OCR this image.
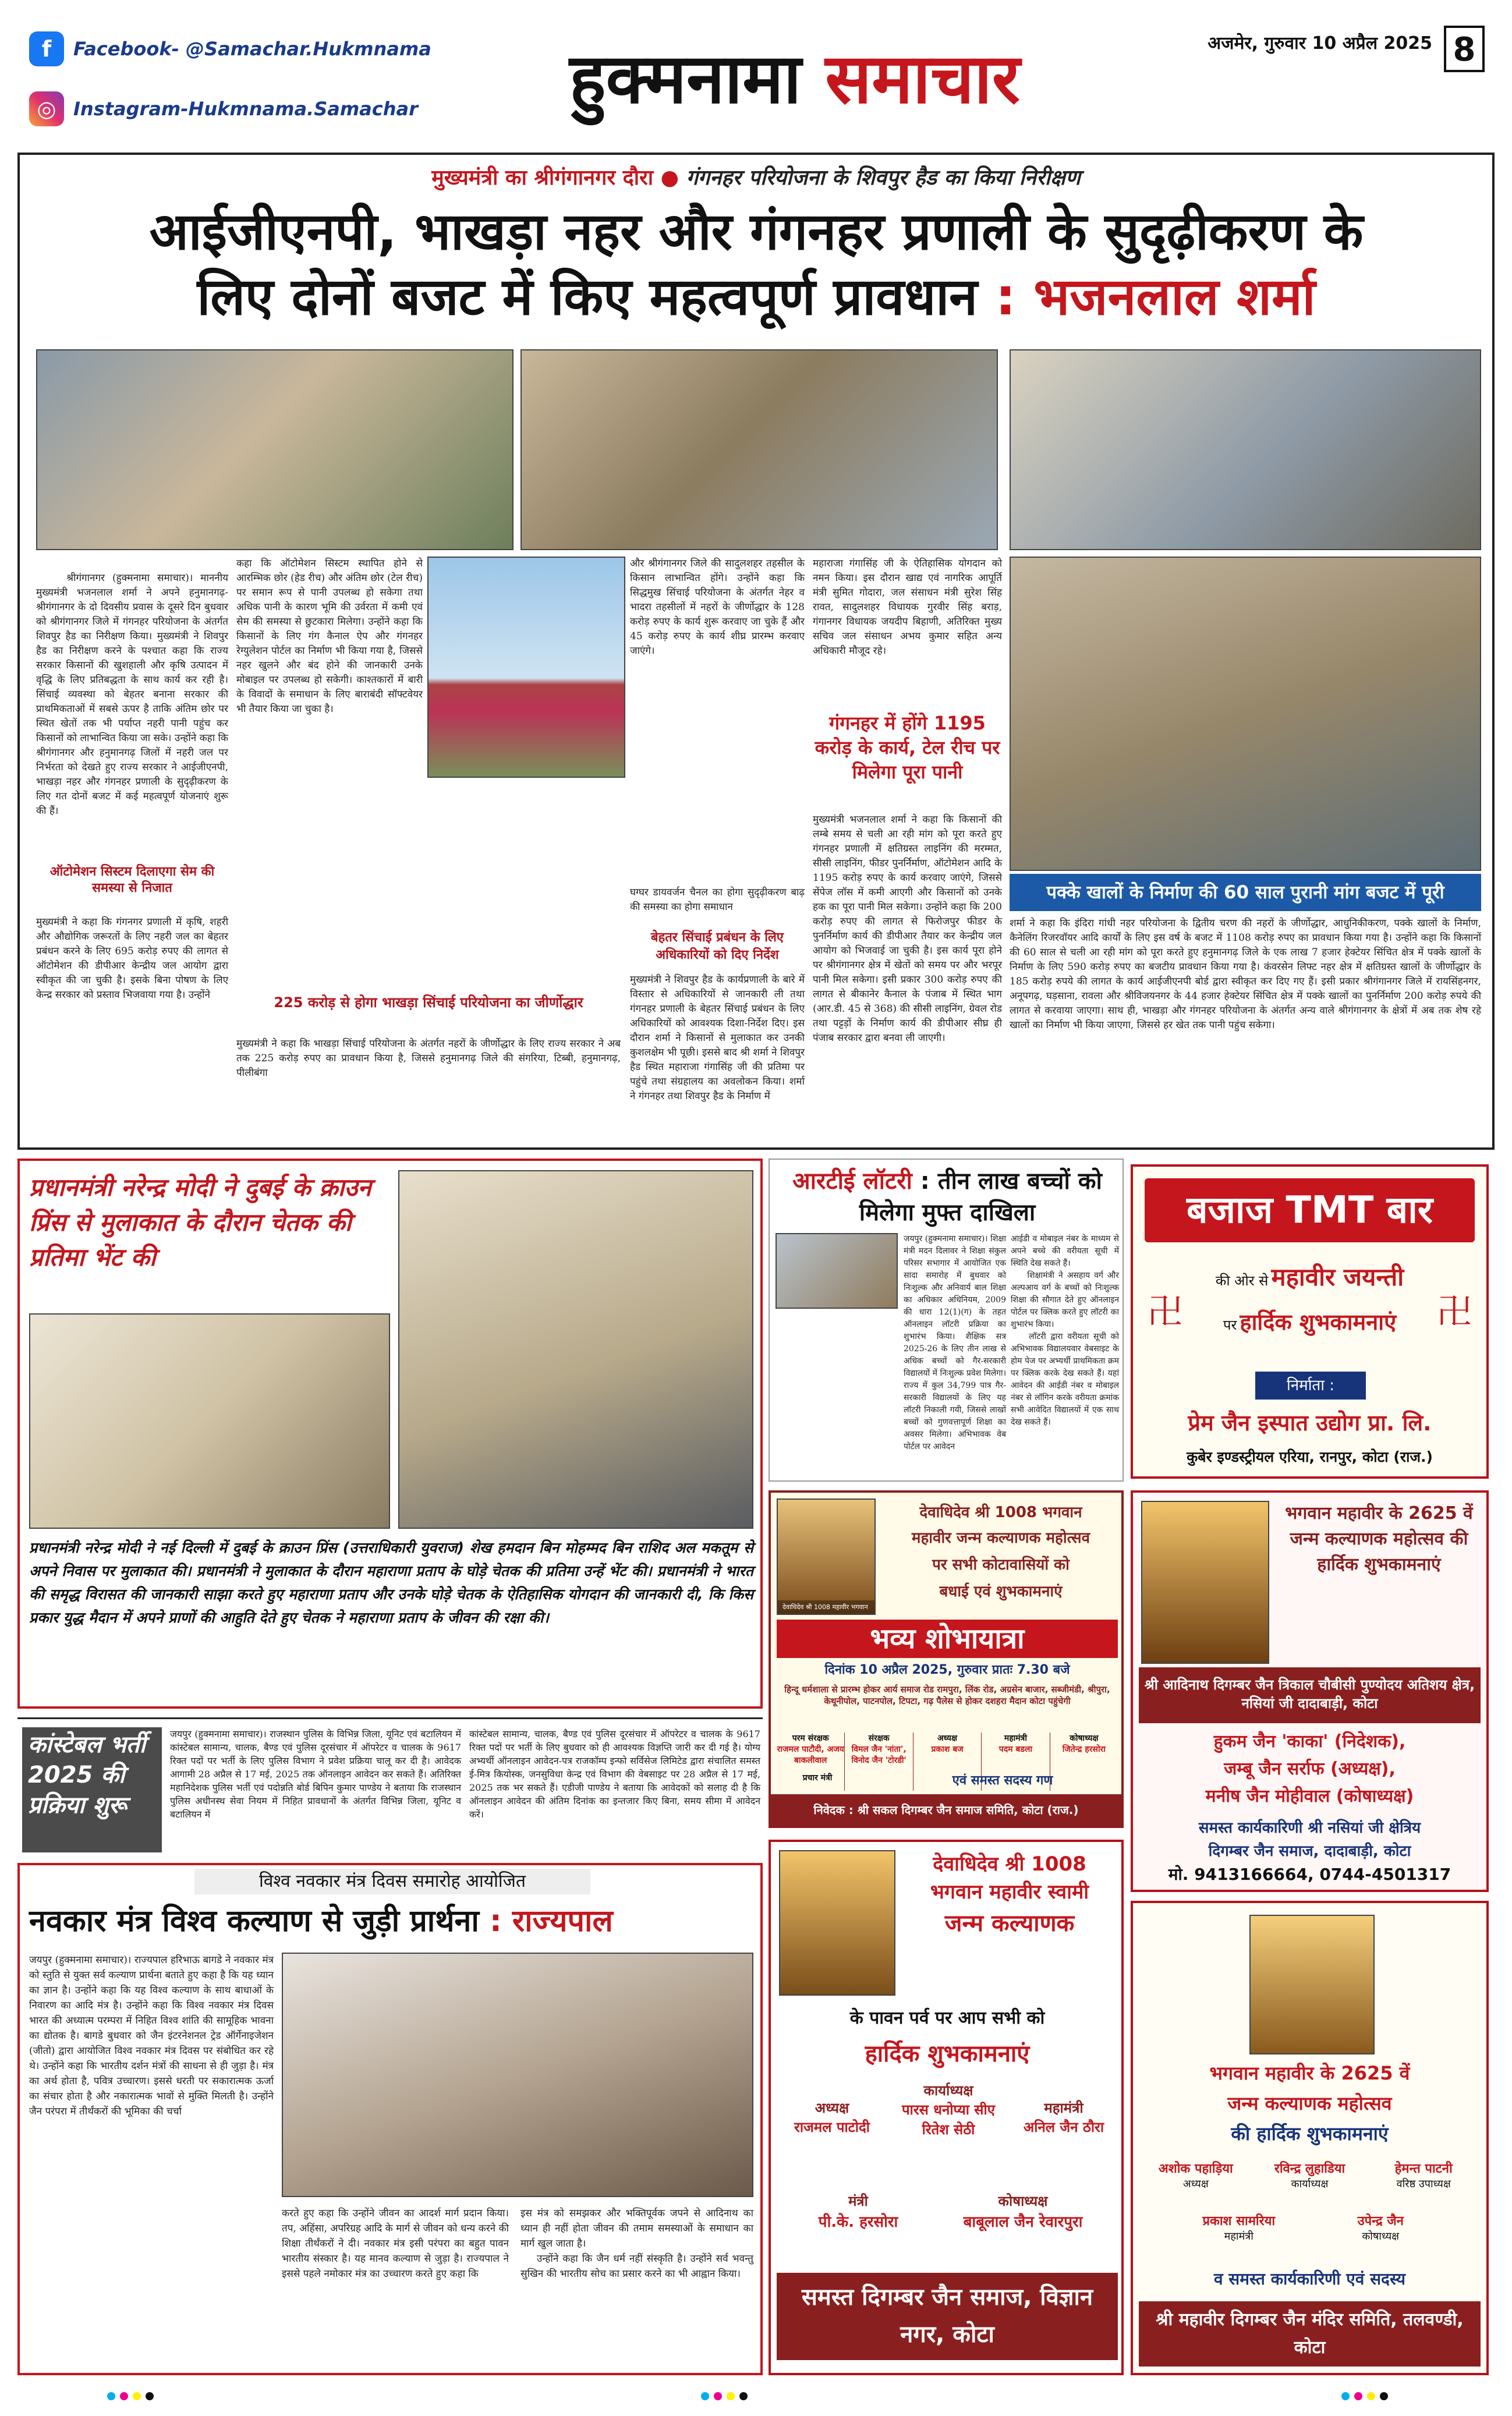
f	Facebook- @Samachar.Hukmnama
◎ Instagram-Hukmnama.Samachar	हुक्मनामा समाचार	अजमेर, गुरुवार 10 अप्रैल 2025 8
मुख्यमंत्री का श्रीगंगानगर दौरा ● गंगनहर परियोजना के शिवपुर हैड का किया निरीक्षण
आईजीएनपी, भाखड़ा नहर और गंगनहर प्रणाली के सुदृढ़ीकरण के
लिए दोनों बजट में किए महत्वपूर्ण प्रावधान : भजनलाल शर्मा

श्रीगंगानगर (हुक्मनामा समाचार)। माननीय मुख्यमंत्री भजनलाल शर्मा ने अपने हनुमानगढ़-श्रीगंगानगर के दो दिवसीय प्रवास के दूसरे दिन बुधवार को श्रीगंगानगर जिले में गंगनहर परियोजना के अंतर्गत शिवपुर हैड का निरीक्षण किया। मुख्यमंत्री ने शिवपुर हैड का निरीक्षण करने के पश्चात कहा कि राज्य सरकार किसानों की खुशहाली और कृषि उत्पादन में वृद्धि के लिए प्रतिबद्धता के साथ कार्य कर रही है। सिंचाई व्यवस्था को बेहतर बनाना सरकार की प्राथमिकताओं में सबसे ऊपर है ताकि अंतिम छोर पर स्थित खेतों तक भी पर्याप्त नहरी पानी पहुंच कर किसानों को लाभान्वित किया जा सके। उन्होंने कहा कि श्रीगंगानगर और हनुमानगढ़ जिलों में नहरी जल पर निर्भरता को देखते हुए राज्य सरकार ने आईजीएनपी, भाखड़ा नहर और गंगनहर प्रणाली के सुदृढ़ीकरण के लिए गत दोनों बजट में कई महत्वपूर्ण योजनाएं शुरू की हैं।

ऑटोमेशन सिस्टम दिलाएगा सेम की समस्या से निजात
मुख्यमंत्री ने कहा कि गंगनगर प्रणाली में कृषि, शहरी और औद्योगिक जरूरतों के लिए नहरी जल का बेहतर प्रबंधन करने के लिए 695 करोड़ रुपए की लागत से ऑटोमेशन की डीपीआर केन्द्रीय जल आयोग द्वारा स्वीकृत की जा चुकी है। इसके बिना पोषण के लिए केन्द्र सरकार को प्रस्ताव भिजवाया गया है। उन्होंने
कहा कि ऑटोमेशन सिस्टम स्थापित होने से आरम्भिक छोर (हेड रीच) और अंतिम छोर (टेल रीच) पर समान रूप से पानी उपलब्ध हो सकेगा तथा अधिक पानी के कारण भूमि की उर्वरता में कमी एवं सेम की समस्या से छुटकारा मिलेगा। उन्होंने कहा कि किसानों के लिए गंग कैनाल ऐप और गंगनहर रेग्युलेशन पोर्टल का निर्माण भी किया गया है, जिससे नहर खुलने और बंद होने की जानकारी उनके मोबाइल पर उपलब्ध हो सकेगी। काश्तकारों में बारी के विवादों के समाधान के लिए बाराबंदी सॉफ्टवेयर भी तैयार किया जा चुका है।
225 करोड़ से होगा भाखड़ा सिंचाई परियोजना का जीर्णोद्धार
मुख्यमंत्री ने कहा कि भाखड़ा सिंचाई परियोजना के अंतर्गत नहरों के जीर्णोद्धार के लिए राज्य सरकार ने अब तक 225 करोड़ रुपए का प्रावधान किया है, जिससे हनुमानगढ़ जिले की संगरिया, टिब्बी, हनुमानगढ़, पीलीबंगा
और श्रीगंगानगर जिले की सादुलशहर तहसील के किसान लाभान्वित होंगे। उन्होंने कहा कि सिद्धमुख सिंचाई परियोजना के अंतर्गत नेहर व भादरा तहसीलों में नहरों के जीर्णोद्धार के 128 करोड़ रुपए के कार्य शुरू करवाए जा चुके हैं और 45 करोड़ रुपए के कार्य शीघ्र प्रारम्भ करवाए जाएंगे।
घग्घर डायवर्जन चैनल का होगा सुदृढ़ीकरण बाढ़ की समस्या का होगा समाधान
बेहतर सिंचाई प्रबंधन के लिए अधिकारियों को दिए निर्देश
मुख्यमंत्री ने शिवपुर हैड के कार्यप्रणाली के बारे में विस्तार से अधिकारियों से जानकारी ली तथा गंगनहर प्रणाली के बेहतर सिंचाई प्रबंधन के लिए अधिकारियों को आवश्यक दिशा-निर्देश दिए। इस दौरान शर्मा ने किसानों से मुलाकात कर उनकी कुशलक्षेम भी पूछी। इससे बाद श्री शर्मा ने शिवपुर हैड स्थित महाराजा गंगासिंह जी की प्रतिमा पर पहुंचे तथा संग्रहालय का अवलोकन किया। शर्मा ने गंगनहर तथा शिवपुर हैड के निर्माण में
महाराजा गंगासिंह जी के ऐतिहासिक योगदान को नमन किया। इस दौरान खाद्य एवं नागरिक आपूर्ति मंत्री सुमित गोदारा, जल संसाधन मंत्री सुरेश सिंह रावत, सादुलशहर विधायक गुरवीर सिंह बराड़, गंगानगर विधायक जयदीप बिहाणी, अतिरिक्त मुख्य सचिव जल संसाधन अभय कुमार सहित अन्य अधिकारी मौजूद रहे।
गंगनहर में होंगे 1195 करोड़ के कार्य, टेल रीच पर मिलेगा पूरा पानी
मुख्यमंत्री भजनलाल शर्मा ने कहा कि किसानों की लम्बे समय से चली आ रही मांग को पूरा करते हुए गंगनहर प्रणाली में क्षतिग्रस्त लाइनिंग की मरम्मत, सीसी लाइनिंग, फीडर पुनर्निर्माण, ऑटोमेशन आदि के 1195 करोड़ रुपए के कार्य करवाए जाएंगे, जिससे सेंपेज लॉस में कमी आएगी और किसानों को उनके हक का पूरा पानी मिल सकेगा। उन्होंने कहा कि 200 करोड़ रुपए की लागत से फिरोजपुर फीडर के पुनर्निर्माण कार्य की डीपीआर तैयार कर केन्द्रीय जल आयोग को भिजवाई जा चुकी है। इस कार्य पूरा होने पर श्रीगंगानगर क्षेत्र में खेतों को समय पर और भरपूर पानी मिल सकेगा। इसी प्रकार 300 करोड़ रुपए की लागत से बीकानेर कैनाल के पंजाब में स्थित भाग (आर.डी. 45 से 368) की सीसी लाइनिंग, ग्रेवल रोड तथा पट्टड़ों के निर्माण कार्य की डीपीआर सीघ्र ही पंजाब सरकार द्वारा बनवा ली जाएगी।
पक्के खालों के निर्माण की 60 साल पुरानी मांग बजट में पूरी
शर्मा ने कहा कि इंदिरा गांधी नहर परियोजना के द्वितीय चरण की नहरों के जीर्णोद्धार, आधुनिकीकरण, पक्के खालों के निर्माण, कैनेलिंग रिजरवॉयर आदि कार्यों के लिए इस वर्ष के बजट में 1108 करोड़ रुपए का प्रावधान किया गया है। उन्होंने कहा कि किसानों की 60 साल से चली आ रही मांग को पूरा करते हुए हनुमानगढ़ जिले के एक लाख 7 हजार हेक्टेयर सिंचित क्षेत्र में पक्के खालों के निर्माण के लिए 590 करोड़ रुपए का बजटीय प्रावधान किया गया है। कंवरसेन लिफ्ट नहर क्षेत्र में क्षतिग्रस्त खालों के जीर्णोद्धार के 185 करोड़ रुपये की लागत के कार्य आईजीएनपी बोर्ड द्वारा स्वीकृत कर दिए गए हैं। इसी प्रकार श्रीगंगानगर जिले में रायसिंहनगर, अनूपगढ़, घड़साना, रावला और श्रीविजयनगर के 44 हजार हेक्टेयर सिंचित क्षेत्र में पक्के खालों का पुनर्निर्माण 200 करोड़ रुपये की लागत से करवाया जाएगा। साथ ही, भाखड़ा और गंगनहर परियोजना के अंतर्गत अन्य वाले श्रीगंगानगर के क्षेत्रों में अब तक शेष रहे खालों का निर्माण भी किया जाएगा, जिससे हर खेत तक पानी पहुंच सकेगा।
प्रधानमंत्री नरेन्द्र मोदी ने दुबई के क्राउन प्रिंस से मुलाकात के दौरान चेतक की प्रतिमा भेंट की
प्रधानमंत्री नरेन्द्र मोदी ने नई दिल्ली में दुबई के क्राउन प्रिंस (उत्तराधिकारी युवराज) शेख हमदान बिन मोहम्मद बिन राशिद अल मकतूम से अपने निवास पर मुलाकात की। प्रधानमंत्री ने मुलाकात के दौरान महाराणा प्रताप के घोड़े चेतक की प्रतिमा उन्हें भेंट की। प्रधानमंत्री ने भारत की समृद्ध विरासत की जानकारी साझा करते हुए महाराणा प्रताप और उनके घोड़े चेतक के ऐतिहासिक योगदान की जानकारी दी, कि किस प्रकार युद्ध मैदान में अपने प्राणों की आहुति देते हुए चेतक ने महाराणा प्रताप के जीवन की रक्षा की।
आरटीई लॉटरी : तीन लाख बच्चों को मिलेगा मुफ्त दाखिला
जयपुर (हुक्मनामा समाचार)। शिक्षा मंत्री मदन दिलावर ने शिक्षा संकुल परिसर सभागार में आयोजित एक सादा समारोह में बुधवार को निःशुल्क और अनिवार्य बाल शिक्षा का अधिकार अधिनियम, 2009 की धारा 12(1)(ग) के तहत ऑनलाइन लॉटरी प्रक्रिया का शुभारंभ किया। शैक्षिक सत्र 2025-26 के लिए तीन लाख से अधिक बच्चों को गैर-सरकारी विद्यालयों में निःशुल्क प्रवेश मिलेगा। राज्य में कुल 34,799 पात्र गैर-सरकारी विद्यालयों के लिए यह लॉटरी निकाली गयी, जिससे लाखों बच्चों को गुणवत्तापूर्ण शिक्षा का अवसर मिलेगा। अभिभावक वेब पोर्टल पर आवेदन
आईडी व मोबाइल नंबर के माध्यम से अपने बच्चे की वरीयता सूची में स्थिति देख सकते हैं।
शिक्षामंत्री ने असहाय वर्ग और अल्पआय वर्ग के बच्चों को निःशुल्क शिक्षा की सौगात देते हुए ऑनलाइन पोर्टल पर क्लिक करते हुए लॉटरी का शुभारंभ किया।
लॉटरी द्वारा वरीयता सूची को अभिभावक विद्यालयवार वेबसाइट के होम पेज पर अभ्यर्थी प्राथमिकता क्रम पर क्लिक करके देख सकते हैं। यहां आवेदन की आईडी नंबर व मोबाइल नंबर से लॉगिन करके वरीयता क्रमांक सभी आवेदित विद्यालयों में एक साथ देख सकते हैं।
बजाज TMT बार
卍	卍
की ओर से महावीर जयन्ती
पर हार्दिक शुभकामनाएं
निर्माता :
प्रेम जैन इस्पात उद्योग प्रा. लि.
कुबेर इण्डस्ट्रीयल एरिया, रानपुर, कोटा (राज.)
देवाधिदेव श्री 1008 महावीर भगवान
देवाधिदेव श्री 1008 भगवान
महावीर जन्म कल्याणक महोत्सव
पर सभी कोटावासियों को
बधाई एवं शुभकामनाएं
भव्य शोभायात्रा
दिनांक 10 अप्रैल 2025, गुरुवार प्रातः 7.30 बजे
हिन्दू धर्मशाला से प्रारम्भ होकर आर्य समाज रोड रामपुरा, लिंक रोड, अग्रसेन बाजार, सब्जीमंडी, श्रीपुरा, केथूनीपोल, पाटनपोल, टिपटा, गढ़ पैलेस से होकर दशहरा मैदान कोटा पहुंचेगी
परम संरक्षक
राजमल पाटौदी, अजय बाकलीवाल
संरक्षक
विमल जैन 'नांता', विनोद जैन 'टोरडी'
अध्यक्ष
प्रकाश बज
महामंत्री
पदम बडला
कोषाध्यक्ष
जितेन्द्र हरसोरा
प्रचार मंत्री	एवं समस्त सदस्य गण
निवेदक : श्री सकल दिगम्बर जैन समाज समिति, कोटा (राज.)
भगवान महावीर के 2625 वें जन्म कल्याणक महोत्सव की हार्दिक शुभकामनाएं
श्री आदिनाथ दिगम्बर जैन त्रिकाल चौबीसी पुण्योदय अतिशय क्षेत्र, नसियां जी दादाबाड़ी, कोटा
हुकम जैन 'काका' (निदेशक),
जम्बू जैन सर्राफ (अध्यक्ष),
मनीष जैन मोहीवाल (कोषाध्यक्ष)
समस्त कार्यकारिणी श्री नसियां जी क्षेत्रिय
दिगम्बर जैन समाज, दादाबाड़ी, कोटा
मो. 9413166664, 0744-4501317
कांस्टेबल भर्ती 2025 की प्रक्रिया शुरू
जयपुर (हुक्मनामा समाचार)। राजस्थान पुलिस के विभिन्न जिला, यूनिट एवं बटालियन में कांस्टेबल सामान्य, चालक, बैण्ड एवं पुलिस दूरसंचार में ऑपरेटर व चालक के 9617 रिक्त पदों पर भर्ती के लिए पुलिस विभाग ने प्रवेश प्रक्रिया चालू कर दी है। आवेदक आगामी 28 अप्रैल से 17 मई, 2025 तक ऑनलाइन आवेदन कर सकते हैं। अतिरिक्त महानिदेशक पुलिस भर्ती एवं पदोन्नति बोर्ड बिपिन कुमार पाण्डेय ने बताया कि राजस्थान पुलिस अधीनस्थ सेवा नियम में निहित प्रावधानों के अंतर्गत विभिन्न जिला, यूनिट व बटालियन में
कांस्टेबल सामान्य, चालक, बैण्ड एवं पुलिस दूरसंचार में ऑपरेटर व चालक के 9617 रिक्त पदों पर भर्ती के लिए बुधवार को ही आवश्यक विज्ञप्ति जारी कर दी गई है। योग्य अभ्यर्थी ऑनलाइन आवेदन-पत्र राजकॉम्प इन्फो सर्विसेज लिमिटेड द्वारा संचालित समस्त ई-मित्र कियोस्क, जनसुविधा केन्द्र एवं विभाग की वेबसाइट पर 28 अप्रैल से 17 मई, 2025 तक भर सकते हैं। एडीजी पाण्डेय ने बताया कि आवेदकों को सलाह दी है कि ऑनलाइन आवेदन की अंतिम दिनांक का इन्तजार किए बिना, समय सीमा में आवेदन करें।
विश्व नवकार मंत्र दिवस समारोह आयोजित
नवकार मंत्र विश्व कल्याण से जुड़ी प्रार्थना : राज्यपाल
जयपुर (हुक्मनामा समाचार)। राज्यपाल हरिभाऊ बागडे ने नवकार मंत्र को स्तुति से युक्त सर्व कल्याण प्रार्थना बताते हुए कहा है कि यह ध्यान का ज्ञान है। उन्होंने कहा कि यह विश्व कल्याण के साथ बाधाओं के निवारण का आदि मंत्र है। उन्होंने कहा कि विश्व नवकार मंत्र दिवस भारत की अध्यात्म परम्परा में निहित विश्व शांति की सामूहिक भावना का द्योतक है। बागडे बुधवार को जैन इंटरनेशनल ट्रेड ऑर्गेनाइजेशन (जीतो) द्वारा आयोजित विश्व नवकार मंत्र दिवस पर संबोधित कर रहे थे। उन्होंने कहा कि भारतीय दर्शन मंत्रों की साधना से ही जुड़ा है। मंत्र का अर्थ होता है, पवित्र उच्चारण। इससे धरती पर सकारात्मक ऊर्जा का संचार होता है और नकारात्मक भावों से मुक्ति मिलती है। उन्होंने जैन परंपरा में तीर्थंकरों की भूमिका की चर्चा
करते हुए कहा कि उन्होंने जीवन का आदर्श मार्ग प्रदान किया। तप, अहिंसा, अपरिग्रह आदि के मार्ग से जीवन को धन्य करने की शिक्षा तीर्थंकरों ने दी। नवकार मंत्र इसी परंपरा का बहुत पावन भारतीय संस्कार है। यह मानव कल्याण से जुड़ा है। राज्यपाल ने इससे पहले नमोकार मंत्र का उच्चारण करते हुए कहा कि
इस मंत्र को समझकर और भक्तिपूर्वक जपने से आदिनाथ का ध्यान ही नहीं होता जीवन की तमाम समस्याओं के समाधान का मार्ग खुल जाता है।
उन्होंने कहा कि जैन धर्म नहीं संस्कृति है। उन्होंने सर्व भवन्तु सुखिन की भारतीय सोच का प्रसार करने का भी आह्वान किया।
देवाधिदेव श्री 1008
भगवान महावीर स्वामी
जन्म कल्याणक
के पावन पर्व पर आप सभी को
हार्दिक शुभकामनाएं
अध्यक्ष
राजमल पाटोदी
कार्याध्यक्ष
पारस धनोप्या सीए रितेश सेठी
महामंत्री
अनिल जैन ठौरा
मंत्री
पी.के. हरसोरा
कोषाध्यक्ष
बाबूलाल जैन रेवारपुरा
समस्त दिगम्बर जैन समाज, विज्ञान नगर, कोटा
भगवान महावीर के 2625 वें
जन्म कल्याणक महोत्सव
की हार्दिक शुभकामनाएं
अशोक पहाड़िया
अध्यक्ष
रविन्द्र लुहाडिया
कार्याध्यक्ष
हेमन्त पाटनी
वरिष्ठ उपाध्यक्ष
प्रकाश सामरिया
महामंत्री
उपेन्द्र जैन
कोषाध्यक्ष
व समस्त कार्यकारिणी एवं सदस्य
श्री महावीर दिगम्बर जैन मंदिर समिति, तलवण्डी, कोटा
